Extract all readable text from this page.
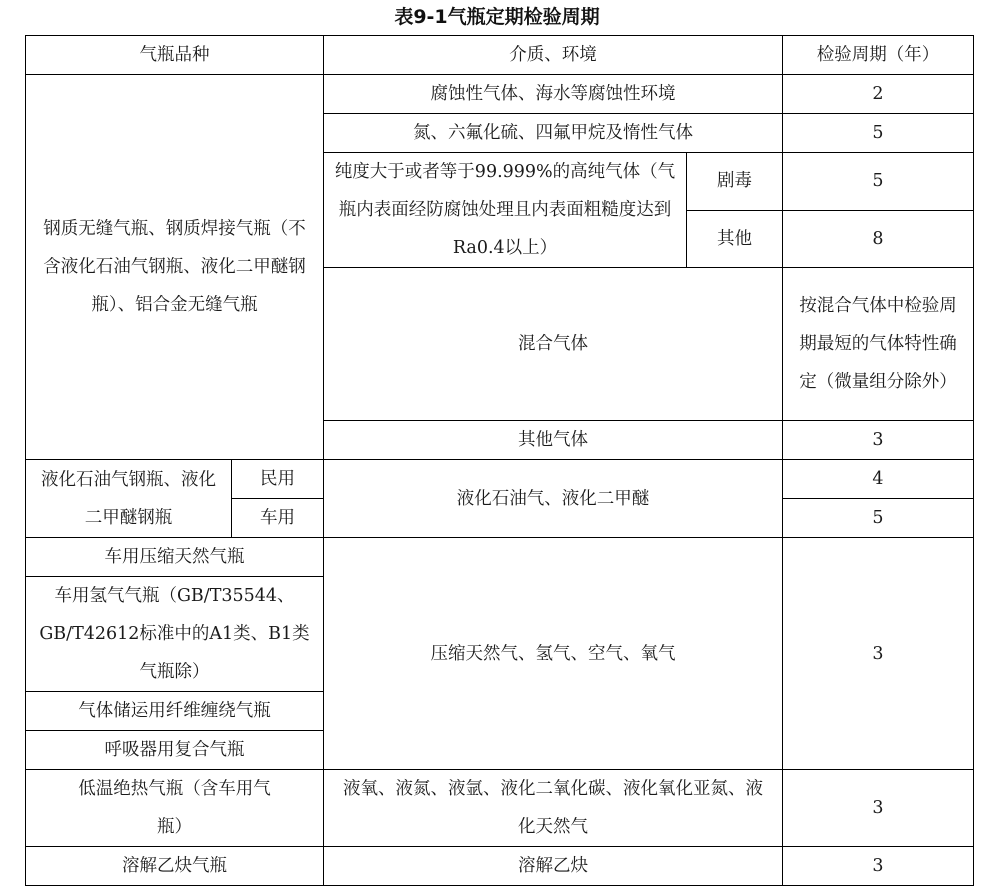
表9-1气瓶定期检验周期
气瓶品种		介质、环境		检验周期（年）
钢质无缝气瓶、钢质焊接气瓶（不含液化石油气钢瓶、液化二甲醚钢瓶）、铝合金无缝气瓶		腐蚀性气体、海水等腐蚀性环境		2
		氮、六氟化硫、四氟甲烷及惰性气体		5
		纯度大于或者等于99.999%的高纯气体（气瓶内表面经防腐蚀处理且内表面粗糙度达到Ra0.4以上）	剧毒	5
			其他	8
		混合气体		按混合气体中检验周期最短的气体特性确定（微量组分除外）
		其他气体		3

液化石油气钢瓶、液化二甲醚钢瓶	民用	液化石油气、液化二甲醚		4
	车用			5
车用压缩天然气瓶		压缩天然气、氢气、空气、氧气		3
车用氢气气瓶（GB/T35544、GB/T42612标准中的A1类、B1类气瓶除）				
气体储运用纤维缠绕气瓶				
呼吸器用复合气瓶				
低温绝热气瓶（含车用气瓶）		液氧、液氮、液氩、液化二氧化碳、液化氧化亚氮、液化天然气		3
溶解乙炔气瓶		溶解乙炔		3
